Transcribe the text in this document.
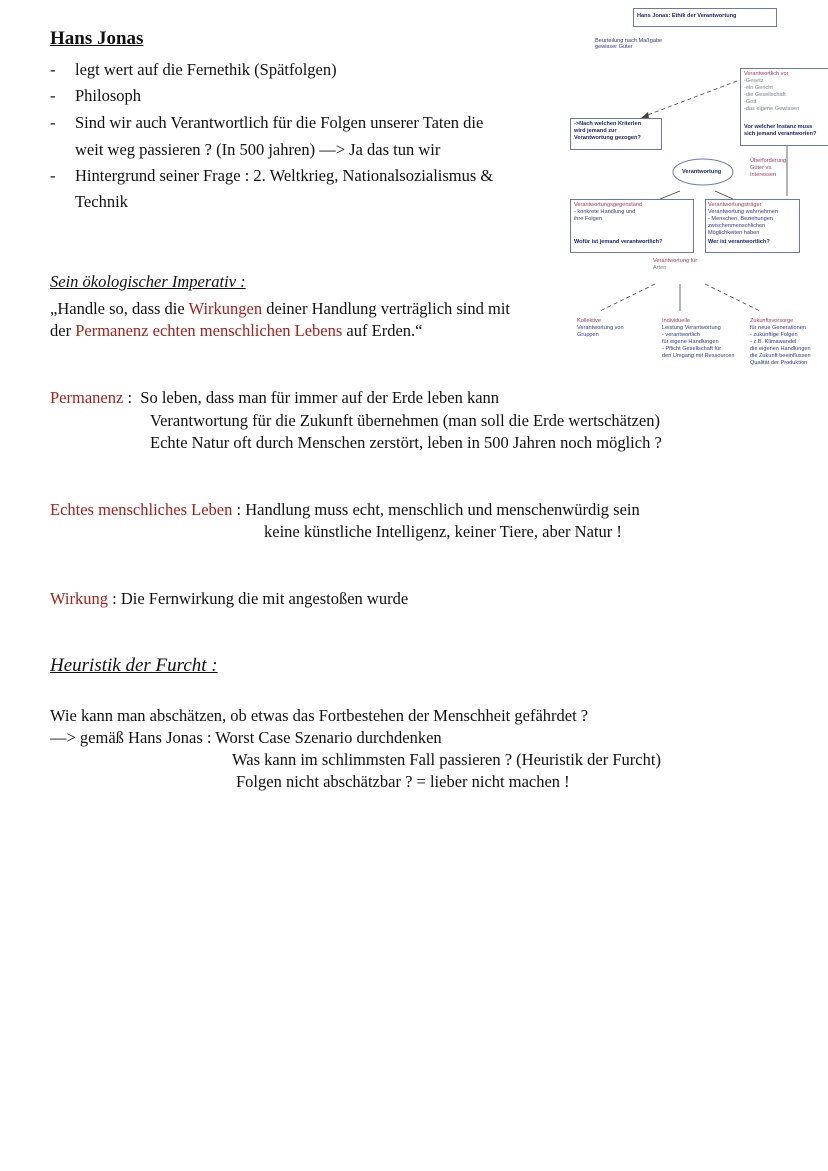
Hans Jonas
- legt wert auf die Fernethik (Spätfolgen)
- Philosoph
- Sind wir auch Verantwortlich für die Folgen unserer Taten die
weit weg passieren ? (In 500 jahren) —> Ja das tun wir
- Hintergrund seiner Frage : 2. Weltkrieg, Nationalsozialismus &
Technik
Hans Jonas: Ethik der Verantwortung
Beurteilung nach Maßgabe
gewisser Güter
Verantwortlich vor
-Gesetz
-ein Gericht
-die Gesellschaft
-Gott
-das eigene Gewissen
Vor welcher Instanz muss
sich jemand verantworten?
->Nach welchen Kriterien
wird jemand zur
Verantwortung gezogen?
Verantwortung
Überforderung
Güter vs.
Interessen
Verantwortungsgegenstand
- konkrete Handlung und
ihre Folgen
Wofür ist jemand verantwortlich?
Verantwortungsträger
Verantwortung wahrnehmen
- Menschen, Beziehungen
zwischenmenschlichen
Möglichkeiten haben
Wer ist verantwortlich?
Verantwortung für
Arten
Kollektive
Verantwortung von
Gruppen
Individuelle
Leistung Verantwortung
- verantwortlich
für eigene Handlungen
- Pflicht Gesellschaft für
den Umgang mit Ressourcen
Zukunftsvorsorge
für neue Generationen
- zukünftige Folgen
- z.B. Klimawandel
die eigenen Handlungen
die Zukunft beeinflussen
Qualität der Produktion
Sein ökologischer Imperativ :
„Handle so, dass die Wirkungen deiner Handlung verträglich sind mit
der Permanenz echten menschlichen Lebens auf Erden.“
Permanenz :  So leben, dass man für immer auf der Erde leben kann
Verantwortung für die Zukunft übernehmen (man soll die Erde wertschätzen)
Echte Natur oft durch Menschen zerstört, leben in 500 Jahren noch möglich ?
Echtes menschliches Leben : Handlung muss echt, menschlich und menschenwürdig sein
keine künstliche Intelligenz, keiner Tiere, aber Natur !
Wirkung : Die Fernwirkung die mit angestoßen wurde
Heuristik der Furcht :
Wie kann man abschätzen, ob etwas das Fortbestehen der Menschheit gefährdet ?
—> gemäß Hans Jonas : Worst Case Szenario durchdenken
Was kann im schlimmsten Fall passieren ? (Heuristik der Furcht)
Folgen nicht abschätzbar ? = lieber nicht machen !
